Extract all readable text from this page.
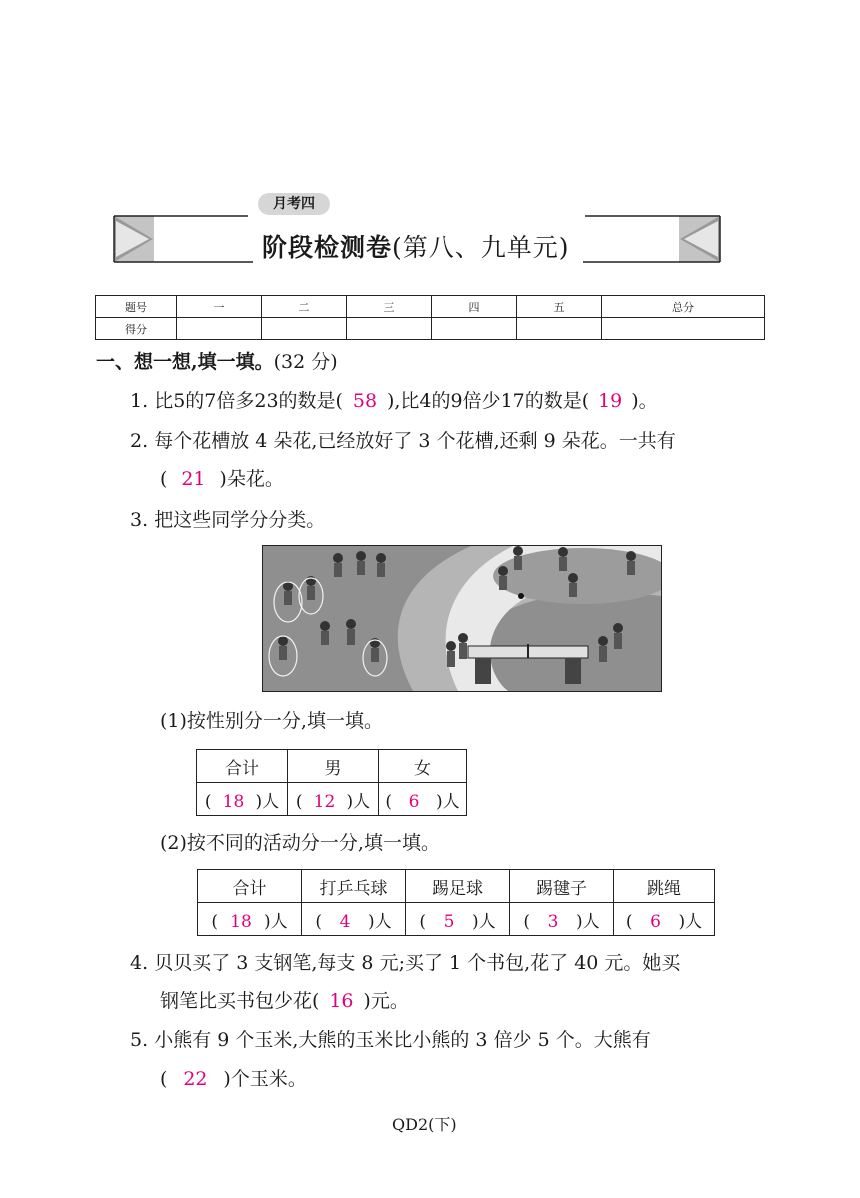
月考四
阶段检测卷(第八、九单元)
题号	一	二	三	四	五	总分
得分						
一、想一想,填一填。(32 分)
1. 比5的7倍多23的数是( 58 ),比4的9倍少17的数是( 19 )。
2. 每个花槽放 4 朵花,已经放好了 3 个花槽,还剩 9 朵花。一共有
( 21 )朵花。
3. 把这些同学分分类。
(1)按性别分一分,填一填。
合计	男	女
( 18 )人	( 12 )人	( 6 )人
(2)按不同的活动分一分,填一填。
合计	打乒乓球	踢足球	踢毽子	跳绳
( 18 )人	( 4 )人	( 5 )人	( 3 )人	( 6 )人
4. 贝贝买了 3 支钢笔,每支 8 元;买了 1 个书包,花了 40 元。她买
钢笔比买书包少花( 16 )元。
5. 小熊有 9 个玉米,大熊的玉米比小熊的 3 倍少 5 个。大熊有
( 22 )个玉米。
QD2(下)
